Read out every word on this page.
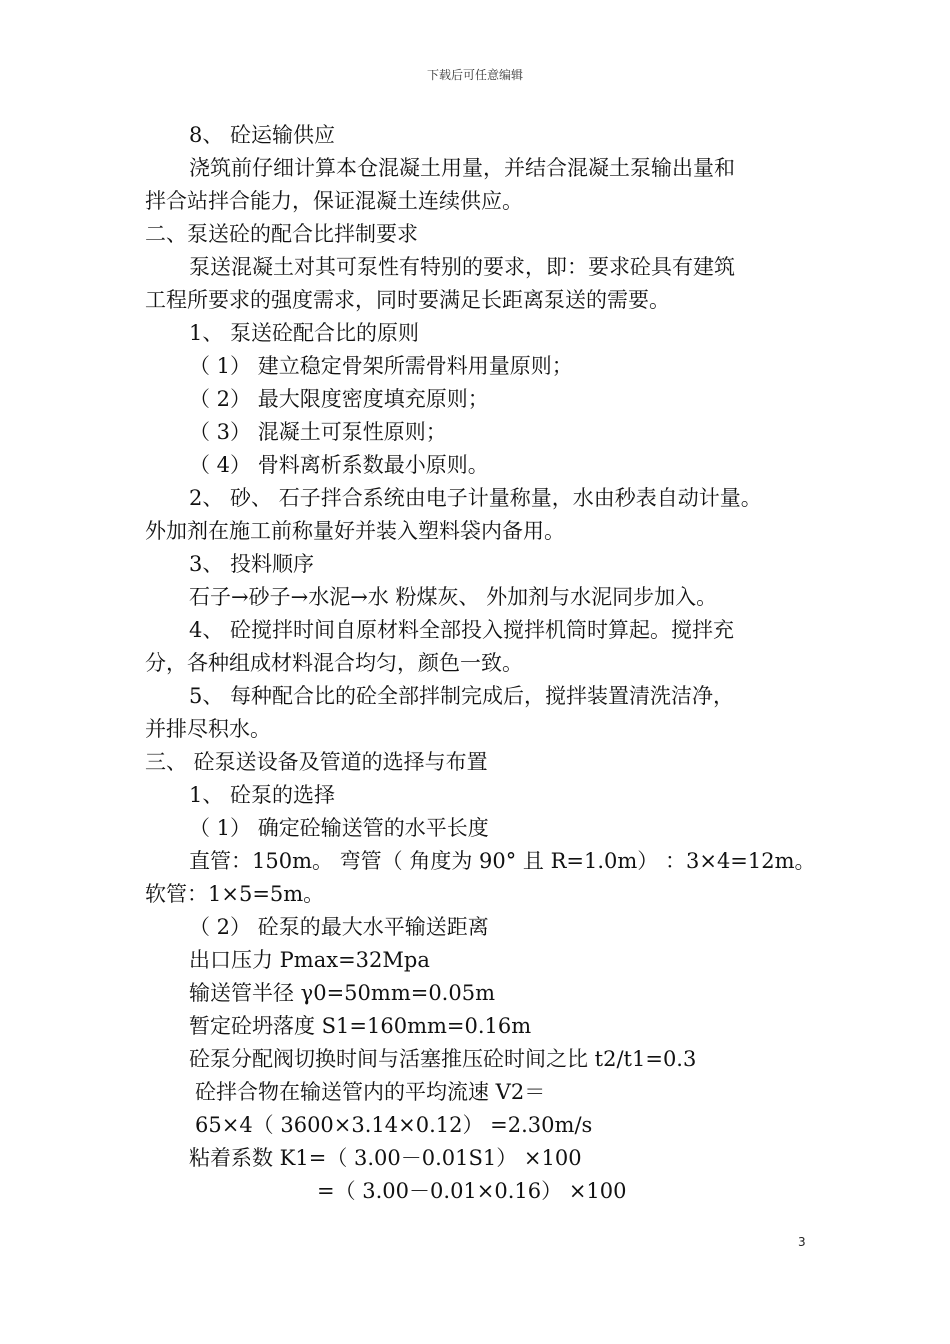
下载后可任意编辑
8、 砼运输供应
浇筑前仔细计算本仓混凝土用量，并结合混凝土泵输出量和
拌合站拌合能力，保证混凝土连续供应。
二、泵送砼的配合比拌制要求
泵送混凝土对其可泵性有特别的要求，即：要求砼具有建筑
工程所要求的强度需求，同时要满足长距离泵送的需要。
1、 泵送砼配合比的原则
（ 1） 建立稳定骨架所需骨料用量原则；
（ 2） 最大限度密度填充原则；
（ 3） 混凝土可泵性原则；
（ 4） 骨料离析系数最小原则。
2、 砂、 石子拌合系统由电子计量称量，水由秒表自动计量。
外加剂在施工前称量好并装入塑料袋内备用。
3、 投料顺序
石子→砂子→水泥→水 粉煤灰、 外加剂与水泥同步加入。
4、 砼搅拌时间自原材料全部投入搅拌机筒时算起。搅拌充
分，各种组成材料混合均匀，颜色一致。
5、 每种配合比的砼全部拌制完成后，搅拌装置清洗洁净，
并排尽积水。
三、 砼泵送设备及管道的选择与布置
1、 砼泵的选择
（ 1） 确定砼输送管的水平长度
直管：150m。 弯管（ 角度为 90° 且 R=1.0m） ：3×4=12m。
软管：1×5=5m。
（ 2） 砼泵的最大水平输送距离
出口压力 Pmax=32Mpa
输送管半径 γ0=50mm=0.05m
暂定砼坍落度 S1=160mm=0.16m
砼泵分配阀切换时间与活塞推压砼时间之比 t2/t1=0.3
砼拌合物在输送管内的平均流速 V2＝
65×4（ 3600×3.14×0.12） =2.30m/s
粘着系数 K1=（ 3.00－0.01S1） ×100
=（ 3.00－0.01×0.16） ×100
3
